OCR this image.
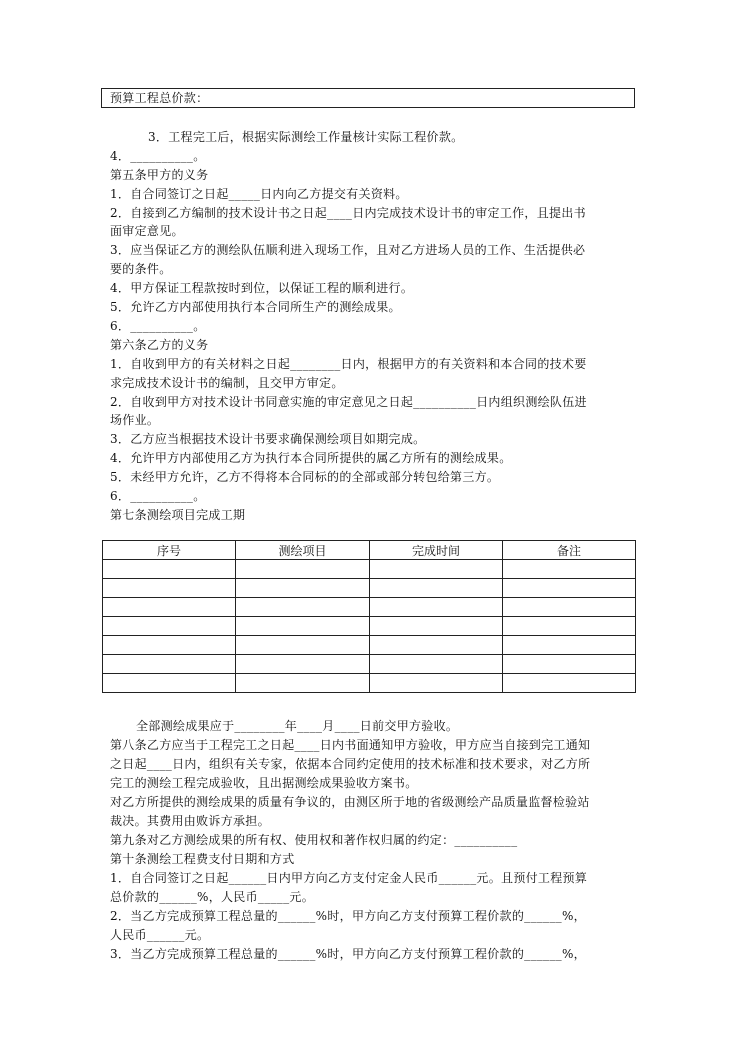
预算工程总价款：
3．工程完工后，根据实际测绘工作量核计实际工程价款。
4．__________。
第五条甲方的义务
1．自合同签订之日起_____日内向乙方提交有关资料。
2．自接到乙方编制的技术设计书之日起____日内完成技术设计书的审定工作，且提出书
面审定意见。
3．应当保证乙方的测绘队伍顺利进入现场工作，且对乙方进场人员的工作、生活提供必
要的条件。
4．甲方保证工程款按时到位，以保证工程的顺利进行。
5．允许乙方内部使用执行本合同所生产的测绘成果。
6．__________。
第六条乙方的义务
1．自收到甲方的有关材料之日起________日内，根据甲方的有关资料和本合同的技术要
求完成技术设计书的编制，且交甲方审定。
2．自收到甲方对技术设计书同意实施的审定意见之日起__________日内组织测绘队伍进
场作业。
3．乙方应当根据技术设计书要求确保测绘项目如期完成。
4．允许甲方内部使用乙方为执行本合同所提供的属乙方所有的测绘成果。
5．未经甲方允许，乙方不得将本合同标的的全部或部分转包给第三方。
6．__________。
第七条测绘项目完成工期
序号	测绘项目	完成时间	备注

全部测绘成果应于________年____月____日前交甲方验收。
第八条乙方应当于工程完工之日起____日内书面通知甲方验收，甲方应当自接到完工通知
之日起____日内，组织有关专家，依据本合同约定使用的技术标准和技术要求，对乙方所
完工的测绘工程完成验收，且出据测绘成果验收方案书。
对乙方所提供的测绘成果的质量有争议的，由测区所于地的省级测绘产品质量监督检验站
裁决。其费用由败诉方承担。
第九条对乙方测绘成果的所有权、使用权和著作权归属的约定：__________
第十条测绘工程费支付日期和方式
1．自合同签订之日起______日内甲方向乙方支付定金人民币______元。且预付工程预算
总价款的______%，人民币_____元。
2．当乙方完成预算工程总量的______%时，甲方向乙方支付预算工程价款的______%，
人民币______元。
3．当乙方完成预算工程总量的______%时，甲方向乙方支付预算工程价款的______%，
